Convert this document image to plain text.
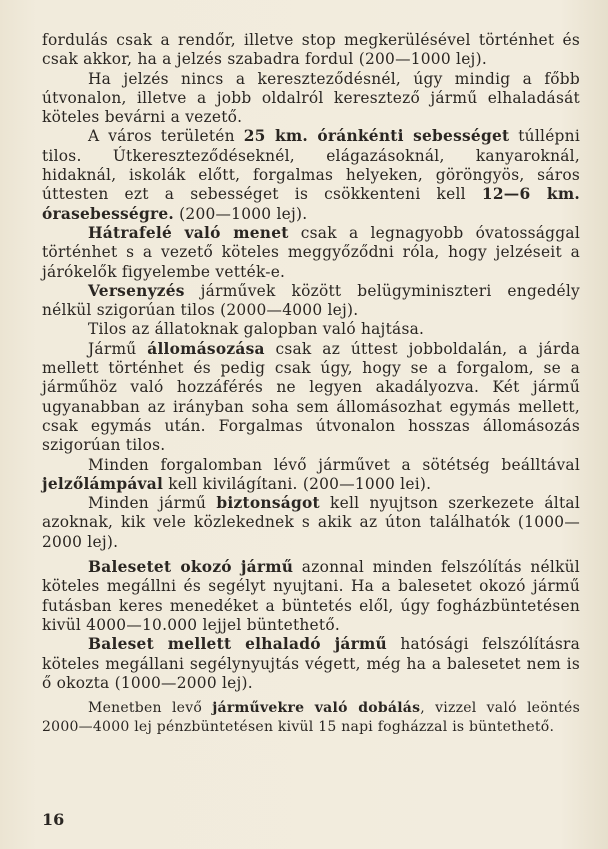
fordulás csak a rendőr, illetve stop megkerülésével történhet és csak akkor, ha a jelzés szabadra fordul (200—1000 lej).

Ha jelzés nincs a kereszteződésnél, úgy mindig a főbb útvonalon, illetve a jobb oldalról keresztező jármű elhaladását köteles bevárni a vezető.

A város területén 25 km. óránkénti sebességet túllépni tilos. Útkereszteződéseknél, elágazásoknál, kanyaroknál, hidaknál, iskolák előtt, forgalmas helyeken, göröngyös, sáros úttesten ezt a sebességet is csökkenteni kell 12—6 km. órasebességre. (200—1000 lej).

Hátrafelé való menet csak a legnagyobb óvatossággal történhet s a vezető köteles meggyőződni róla, hogy jelzéseit a járókelők figyelembe vették-e.

Versenyzés járművek között belügyminiszteri engedély nélkül szigorúan tilos (2000—4000 lej).

Tilos az állatoknak galopban való hajtása.

Jármű állomásozása csak az úttest jobboldalán, a járda mellett történhet és pedig csak úgy, hogy se a forgalom, se a járműhöz való hozzáférés ne legyen akadályozva. Két jármű ugyanabban az irányban soha sem állomásozhat egymás mellett, csak egymás után. Forgalmas útvonalon hosszas állomásozás szigorúan tilos.

Minden forgalomban lévő járművet a sötétség beálltával jelzőlámpával kell kivilágítani. (200—1000 lei).

Minden jármű biztonságot kell nyujtson szerkezete által azoknak, kik vele közlekednek s akik az úton találhatók (1000—2000 lej).

Balesetet okozó jármű azonnal minden felszólítás nélkül köteles megállni és segélyt nyujtani. Ha a balesetet okozó jármű futásban keres menedéket a büntetés elől, úgy fogházbüntetésen kivül 4000—10.000 lejjel büntethető.

Baleset mellett elhaladó jármű hatósági felszólításra köteles megállani segélynyujtás végett, még ha a balesetet nem is ő okozta (1000—2000 lej).

Menetben levő járművekre való dobálás, vizzel való leöntés 2000—4000 lej pénzbüntetésen kivül 15 napi fogházzal is büntethető.

16
